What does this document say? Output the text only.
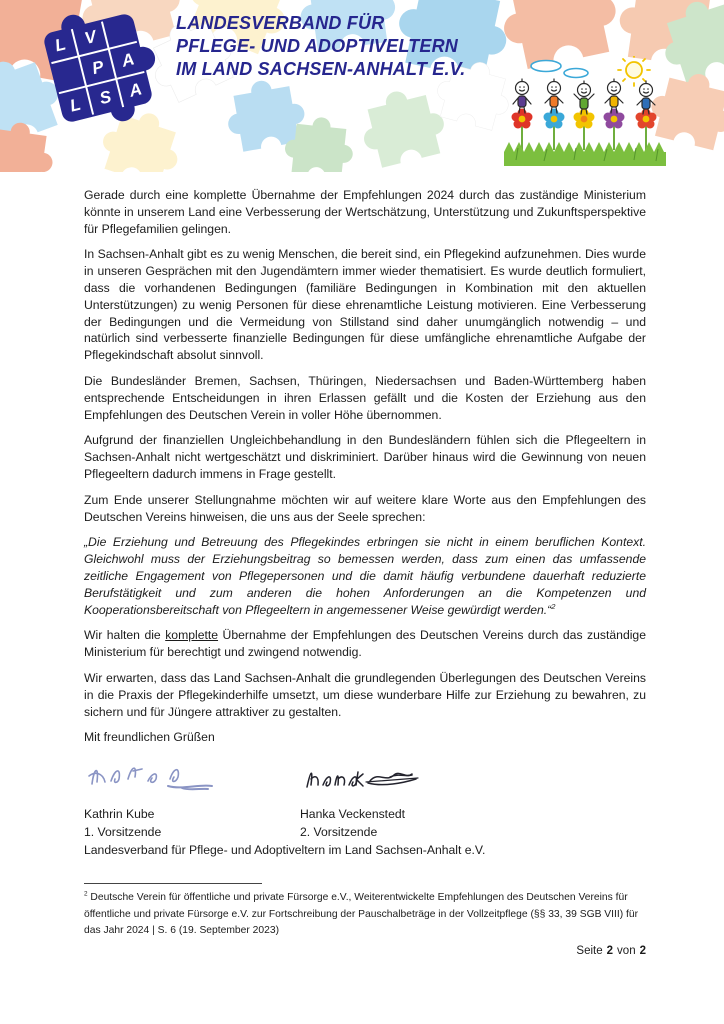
L V
P A
L S A
LANDESVERBAND FÜR
PFLEGE- UND ADOPTIVELTERN
IM LAND SACHSEN-ANHALT E.V.

Gerade durch eine komplette Übernahme der Empfehlungen 2024 durch das zuständige Ministerium könnte in unserem Land eine Verbesserung der Wertschätzung, Unterstützung und Zukunftsperspektive für Pflegefamilien gelingen.

In Sachsen-Anhalt gibt es zu wenig Menschen, die bereit sind, ein Pflegekind aufzunehmen. Dies wurde in unseren Gesprächen mit den Jugendämtern immer wieder thematisiert. Es wurde deutlich formuliert, dass die vorhandenen Bedingungen (familiäre Bedingungen in Kombination mit den aktuellen Unterstützungen) zu wenig Personen für diese ehrenamtliche Leistung motivieren. Eine Verbesserung der Bedingungen und die Vermeidung von Stillstand sind daher unumgänglich notwendig – und natürlich sind verbesserte finanzielle Bedingungen für diese umfängliche ehrenamtliche Aufgabe der Pflegekindschaft absolut sinnvoll.

Die Bundesländer Bremen, Sachsen, Thüringen, Niedersachsen und Baden-Württemberg haben entsprechende Entscheidungen in ihren Erlassen gefällt und die Kosten der Erziehung aus den Empfehlungen des Deutschen Verein in voller Höhe übernommen.

Aufgrund der finanziellen Ungleichbehandlung in den Bundesländern fühlen sich die Pflegeeltern in Sachsen-Anhalt nicht wertgeschätzt und diskriminiert. Darüber hinaus wird die Gewinnung von neuen Pflegeeltern dadurch immens in Frage gestellt.

Zum Ende unserer Stellungnahme möchten wir auf weitere klare Worte aus den Empfehlungen des Deutschen Vereins hinweisen, die uns aus der Seele sprechen:

„Die Erziehung und Betreuung des Pflegekindes erbringen sie nicht in einem beruflichen Kontext. Gleichwohl muss der Erziehungsbeitrag so bemessen werden, dass zum einen das umfassende zeitliche Engagement von Pflegepersonen und die damit häufig verbundene dauerhaft reduzierte Berufstätigkeit und zum anderen die hohen Anforderungen an die Kompetenzen und Kooperationsbereitschaft von Pflegeeltern in angemessener Weise gewürdigt werden.“$^2$

Wir halten die komplette Übernahme der Empfehlungen des Deutschen Vereins durch das zuständige Ministerium für berechtigt und zwingend notwendig.

Wir erwarten, dass das Land Sachsen-Anhalt die grundlegenden Überlegungen des Deutschen Vereins in die Praxis der Pflegekinderhilfe umsetzt, um diese wunderbare Hilfe zur Erziehung zu bewahren, zu sichern und für Jüngere attraktiver zu gestalten.

Mit freundlichen Grüßen

Kathrin Kube	Hanka Veckenstedt
1. Vorsitzende	2. Vorsitzende
Landesverband für Pflege- und Adoptiveltern im Land Sachsen-Anhalt e.V.
$^2$ Deutsche Verein für öffentliche und private Fürsorge e.V., Weiterentwickelte Empfehlungen des Deutschen Vereins für öffentliche und private Fürsorge e.V. zur Fortschreibung der Pauschalbeträge in der Vollzeitpflege (§§ 33, 39 SGB VIII) für das Jahr 2024 | S. 6 (19. September 2023)
Seite 2 von 2
